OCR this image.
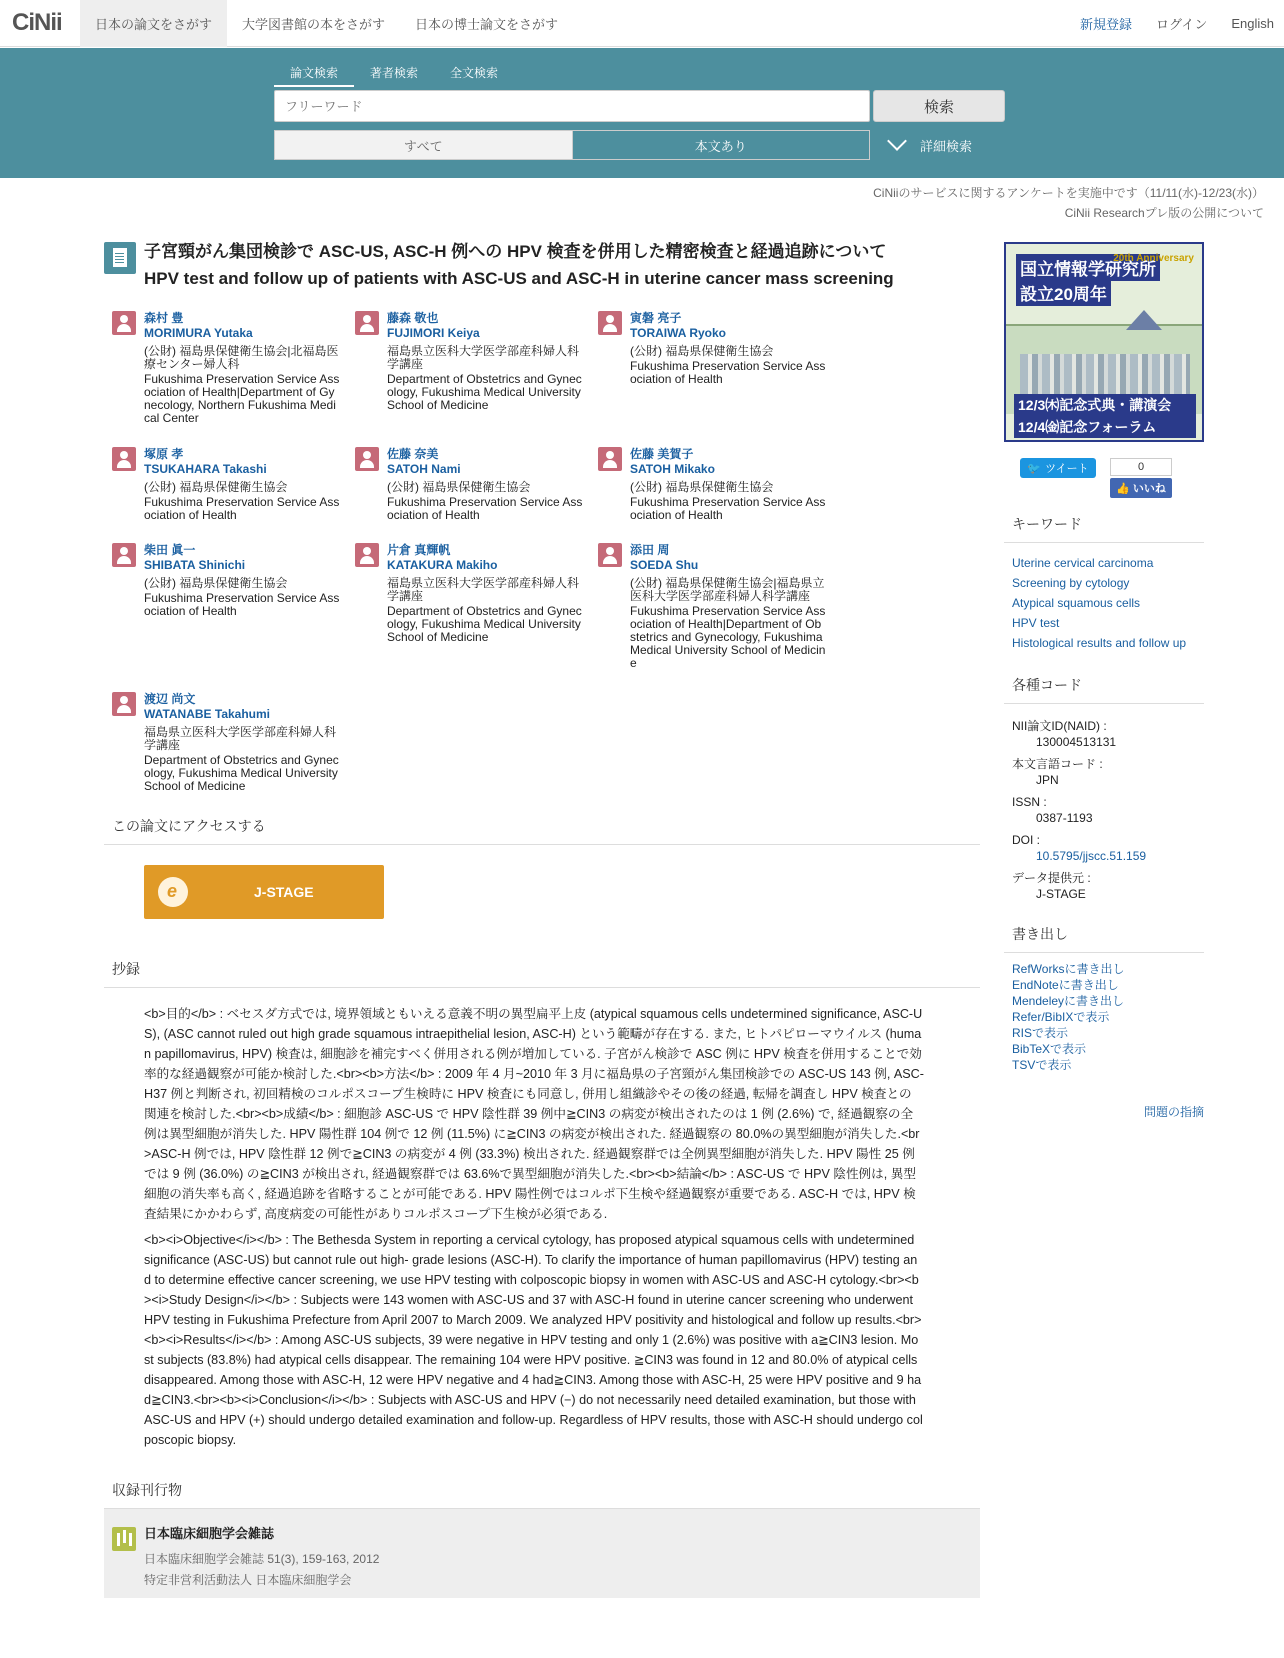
CiNii	日本の論文をさがす	大学図書館の本をさがす	日本の博士論文をさがす	新規登録 ログイン English
論文検索	著者検索	全文検索
フリーワード
検索
すべて	本文あり	詳細検索
CiNiiのサービスに関するアンケートを実施中です（11/11(水)-12/23(水)）
CiNii Researchプレ版の公開について
子宮頸がん集団検診で ASC-US, ASC-H 例への HPV 検査を併用した精密検査と経過追跡について
HPV test and follow up of patients with ASC-US and ASC-H in uterine cancer mass screening
森村 豊
MORIMURA Yutaka
(公財) 福島県保健衛生協会|北福島医療センター婦人科
Fukushima Preservation Service Association of Health|Department of Gynecology, Northern Fukushima Medical Center
藤森 敬也
FUJIMORI Keiya
福島県立医科大学医学部産科婦人科学講座
Department of Obstetrics and Gynecology, Fukushima Medical University School of Medicine
寅磐 亮子
TORAIWA Ryoko
(公財) 福島県保健衛生協会
Fukushima Preservation Service Association of Health
塚原 孝
TSUKAHARA Takashi
(公財) 福島県保健衛生協会
Fukushima Preservation Service Association of Health
佐藤 奈美
SATOH Nami
(公財) 福島県保健衛生協会
Fukushima Preservation Service Association of Health
佐藤 美賀子
SATOH Mikako
(公財) 福島県保健衛生協会
Fukushima Preservation Service Association of Health
柴田 眞一
SHIBATA Shinichi
(公財) 福島県保健衛生協会
Fukushima Preservation Service Association of Health
片倉 真輝帆
KATAKURA Makiho
福島県立医科大学医学部産科婦人科学講座
Department of Obstetrics and Gynecology, Fukushima Medical University School of Medicine
添田 周
SOEDA Shu
(公財) 福島県保健衛生協会|福島県立医科大学医学部産科婦人科学講座
Fukushima Preservation Service Association of Health|Department of Obstetrics and Gynecology, Fukushima Medical University School of Medicine
渡辺 尚文
WATANABE Takahumi
福島県立医科大学医学部産科婦人科学講座
Department of Obstetrics and Gynecology, Fukushima Medical University School of Medicine
この論文にアクセスする
e
J-STAGE
抄録

<b>目的</b> : ベセスダ方式では, 境界領域ともいえる意義不明の異型扁平上皮 (atypical squamous cells undetermined significance, ASC-US), (ASC cannot ruled out high grade squamous intraepithelial lesion, ASC-H) という範疇が存在する. また, ヒトパピローマウイルス (human papillomavirus, HPV) 検査は, 細胞診を補完すべく併用される例が増加している. 子宮がん検診で ASC 例に HPV 検査を併用することで効率的な経過観察が可能か検討した.<br><b>方法</b> : 2009 年 4 月~2010 年 3 月に福島県の子宮頸がん集団検診での ASC-US 143 例, ASC-H37 例と判断され, 初回精検のコルポスコープ生検時に HPV 検査にも同意し, 併用し組織診やその後の経過, 転帰を調査し HPV 検査との関連を検討した.<br><b>成績</b> : 細胞診 ASC-US で HPV 陰性群 39 例中≧CIN3 の病変が検出されたのは 1 例 (2.6%) で, 経過観察の全例は異型細胞が消失した. HPV 陽性群 104 例で 12 例 (11.5%) に≧CIN3 の病変が検出された. 経過観察の 80.0%の異型細胞が消失した.<br>ASC-H 例では, HPV 陰性群 12 例で≧CIN3 の病変が 4 例 (33.3%) 検出された. 経過観察群では全例異型細胞が消失した. HPV 陽性 25 例では 9 例 (36.0%) の≧CIN3 が検出され, 経過観察群では 63.6%で異型細胞が消失した.<br><b>結論</b> : ASC-US で HPV 陰性例は, 異型細胞の消失率も高く, 経過追跡を省略することが可能である. HPV 陽性例ではコルポ下生検や経過観察が重要である. ASC-H では, HPV 検査結果にかかわらず, 高度病変の可能性がありコルポスコープ下生検が必須である.

<b><i>Objective</i></b> : The Bethesda System in reporting a cervical cytology, has proposed atypical squamous cells with undetermined significance (ASC-US) but cannot rule out high- grade lesions (ASC-H). To clarify the importance of human papillomavirus (HPV) testing and to determine effective cancer screening, we use HPV testing with colposcopic biopsy in women with ASC-US and ASC-H cytology.<br><b><i>Study Design</i></b> : Subjects were 143 women with ASC-US and 37 with ASC-H found in uterine cancer screening who underwent HPV testing in Fukushima Prefecture from April 2007 to March 2009. We analyzed HPV positivity and histological and follow up results.<br><b><i>Results</i></b> : Among ASC-US subjects, 39 were negative in HPV testing and only 1 (2.6%) was positive with a≧CIN3 lesion. Most subjects (83.8%) had atypical cells disappear. The remaining 104 were HPV positive. ≧CIN3 was found in 12 and 80.0% of atypical cells disappeared. Among those with ASC-H, 12 were HPV negative and 4 had≧CIN3. Among those with ASC-H, 25 were HPV positive and 9 had≧CIN3.<br><b><i>Conclusion</i></b> : Subjects with ASC-US and HPV (−) do not necessarily need detailed examination, but those with ASC-US and HPV (+) should undergo detailed examination and follow-up. Regardless of HPV results, those with ASC-H should undergo colposcopic biopsy.

収録刊行物
日本臨床細胞学会雑誌
日本臨床細胞学会雑誌 51(3), 159-163, 2012
特定非営利活動法人 日本臨床細胞学会
国立情報学研究所
設立20周年
20th Anniversary
12/3㈭記念式典・講演会
12/4㈮記念フォーラム
🐦 ツイート	0
👍 いいね
キーワード
Uterine cervical carcinoma
Screening by cytology
Atypical squamous cells
HPV test
Histological results and follow up
各種コード
NII論文ID(NAID) :
130004513131
本文言語コード :
JPN
ISSN :
0387-1193
DOI :
10.5795/jjscc.51.159
データ提供元 :
J-STAGE
書き出し
RefWorksに書き出し
EndNoteに書き出し
Mendeleyに書き出し
Refer/BibIXで表示
RISで表示
BibTeXで表示
TSVで表示
問題の指摘
